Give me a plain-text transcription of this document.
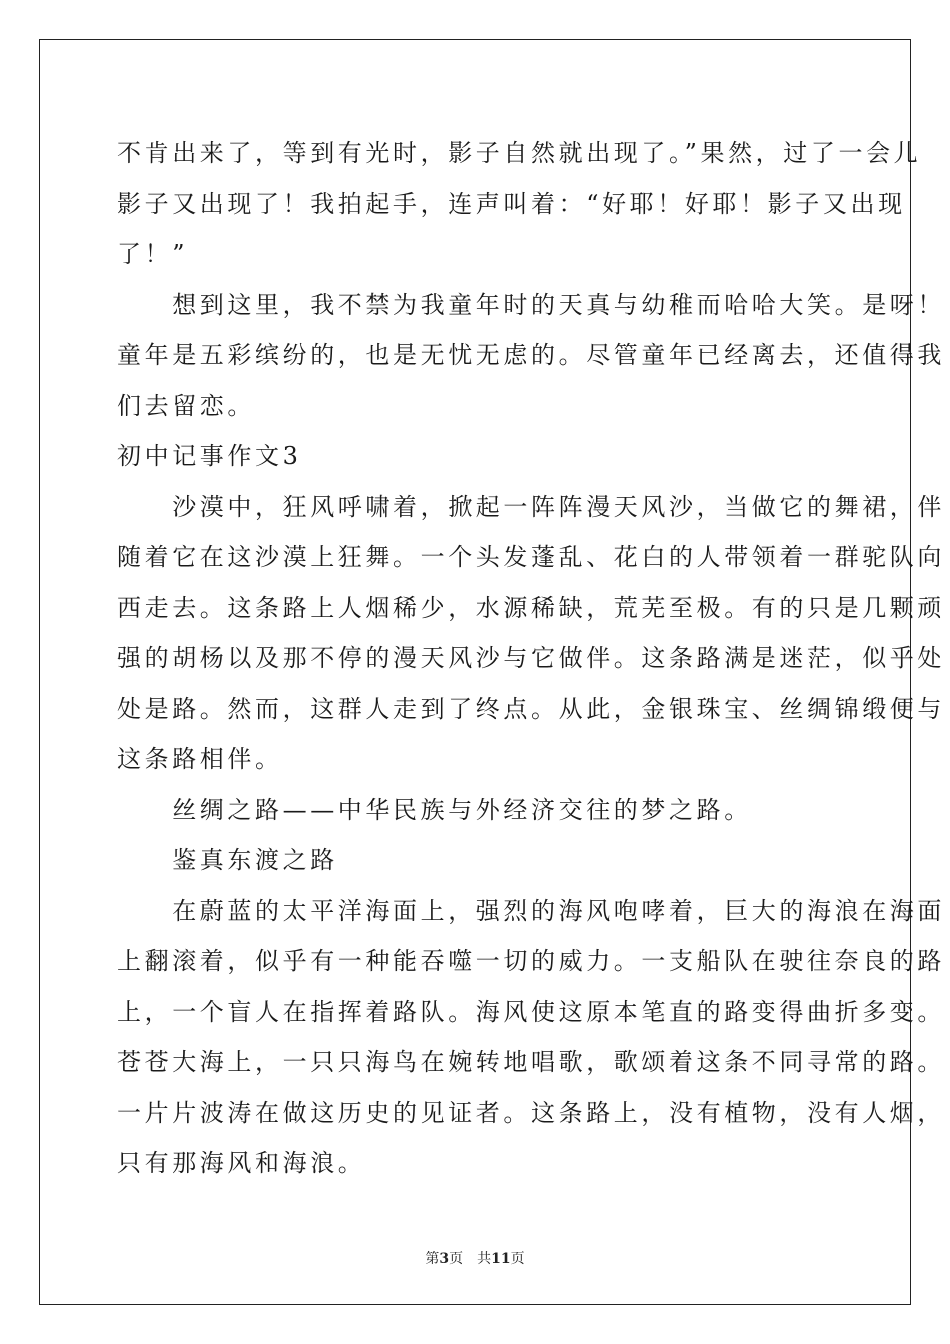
不肯出来了，等到有光时，影子自然就出现了。”果然，过了一会儿
影子又出现了！我拍起手，连声叫着：“好耶！好耶！影子又出现
了！”
　　想到这里，我不禁为我童年时的天真与幼稚而哈哈大笑。是呀！
童年是五彩缤纷的，也是无忧无虑的。尽管童年已经离去，还值得我
们去留恋。
初中记事作文3
　　沙漠中，狂风呼啸着，掀起一阵阵漫天风沙，当做它的舞裙，伴
随着它在这沙漠上狂舞。一个头发蓬乱、花白的人带领着一群驼队向
西走去。这条路上人烟稀少，水源稀缺，荒芜至极。有的只是几颗顽
强的胡杨以及那不停的漫天风沙与它做伴。这条路满是迷茫，似乎处
处是路。然而，这群人走到了终点。从此，金银珠宝、丝绸锦缎便与
这条路相伴。
　　丝绸之路——中华民族与外经济交往的梦之路。
　　鉴真东渡之路
　　在蔚蓝的太平洋海面上，强烈的海风咆哮着，巨大的海浪在海面
上翻滚着，似乎有一种能吞噬一切的威力。一支船队在驶往奈良的路
上，一个盲人在指挥着路队。海风使这原本笔直的路变得曲折多变。
苍苍大海上，一只只海鸟在婉转地唱歌，歌颂着这条不同寻常的路。
一片片波涛在做这历史的见证者。这条路上，没有植物，没有人烟，
只有那海风和海浪。
第3页 共11页
